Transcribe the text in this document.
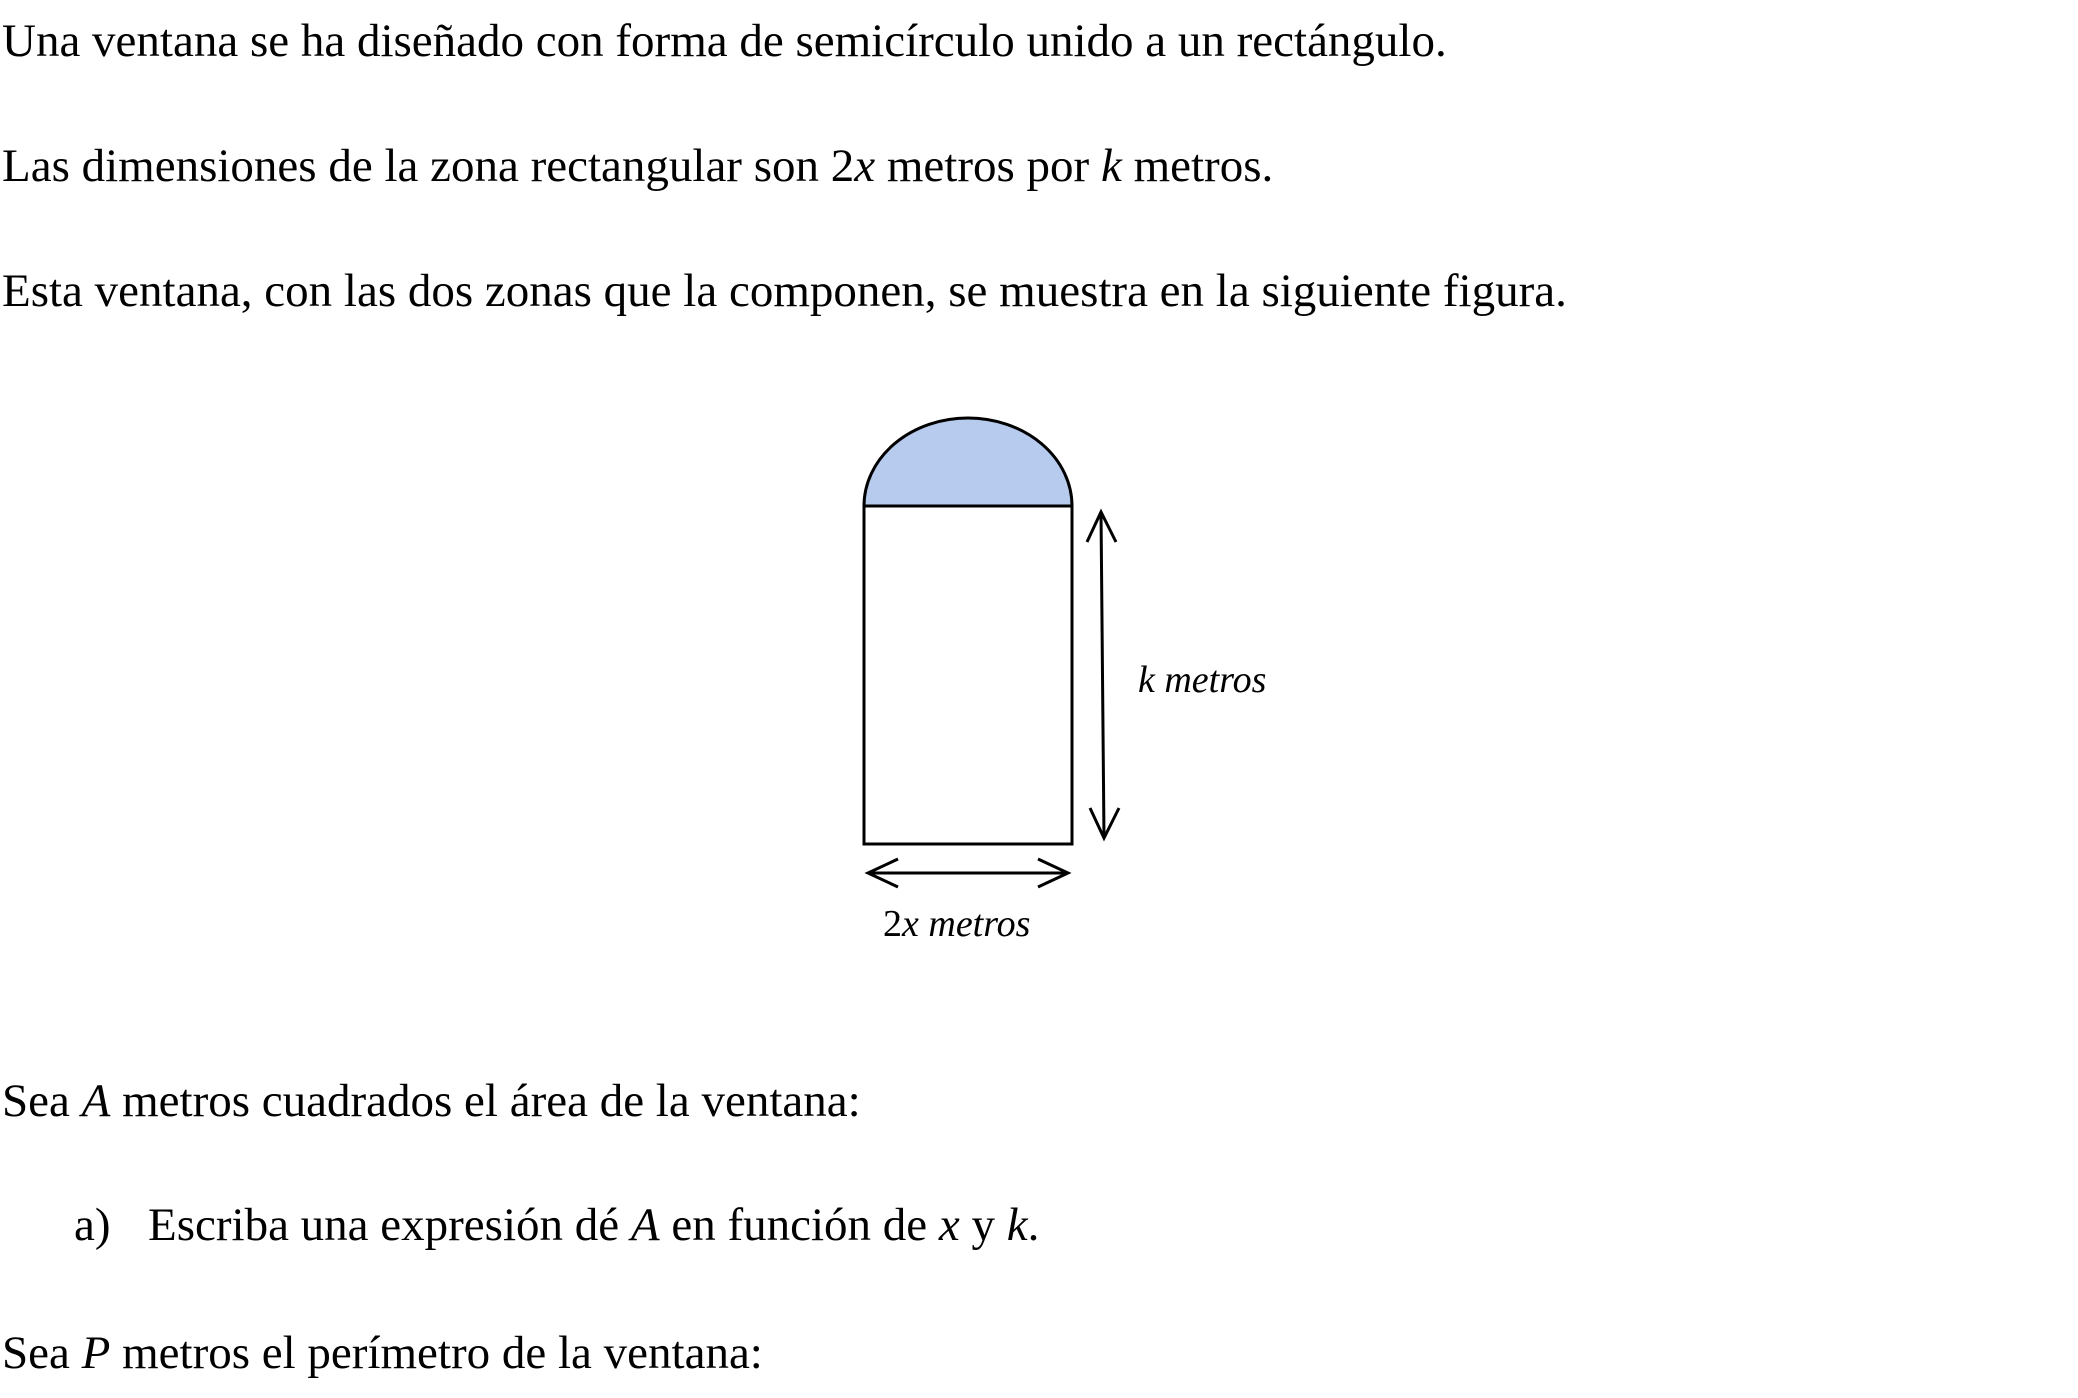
Una ventana se ha diseñado con forma de semicírculo unido a un rectángulo.
Las dimensiones de la zona rectangular son 2x metros por k metros.
Esta ventana, con las dos zonas que la componen, se muestra en la siguiente figura.
k metros
2x metros
Sea A metros cuadrados el área de la ventana:
a) Escriba una expresión dé A en función de x y k.
Sea P metros el perímetro de la ventana:
